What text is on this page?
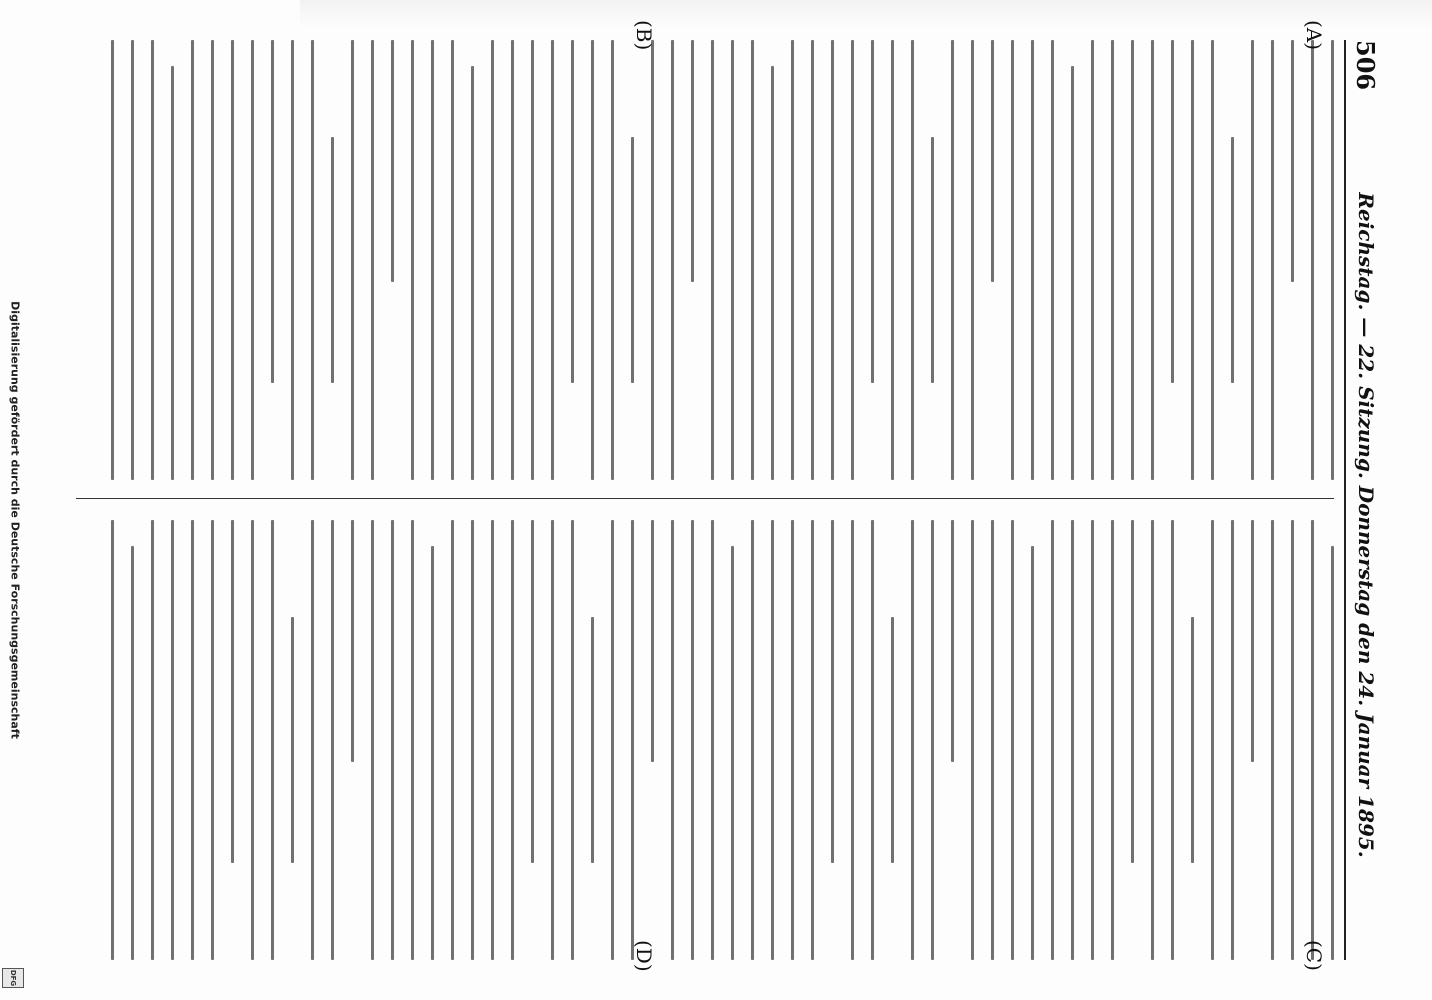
506
Reichstag. — 22. Sitzung. Donnerstag den 24. Januar 1895.
(A)
(B)
(C)
(D)
Digitalisierung gefördert durch die Deutsche Forschungsgemeinschaft
DFG
